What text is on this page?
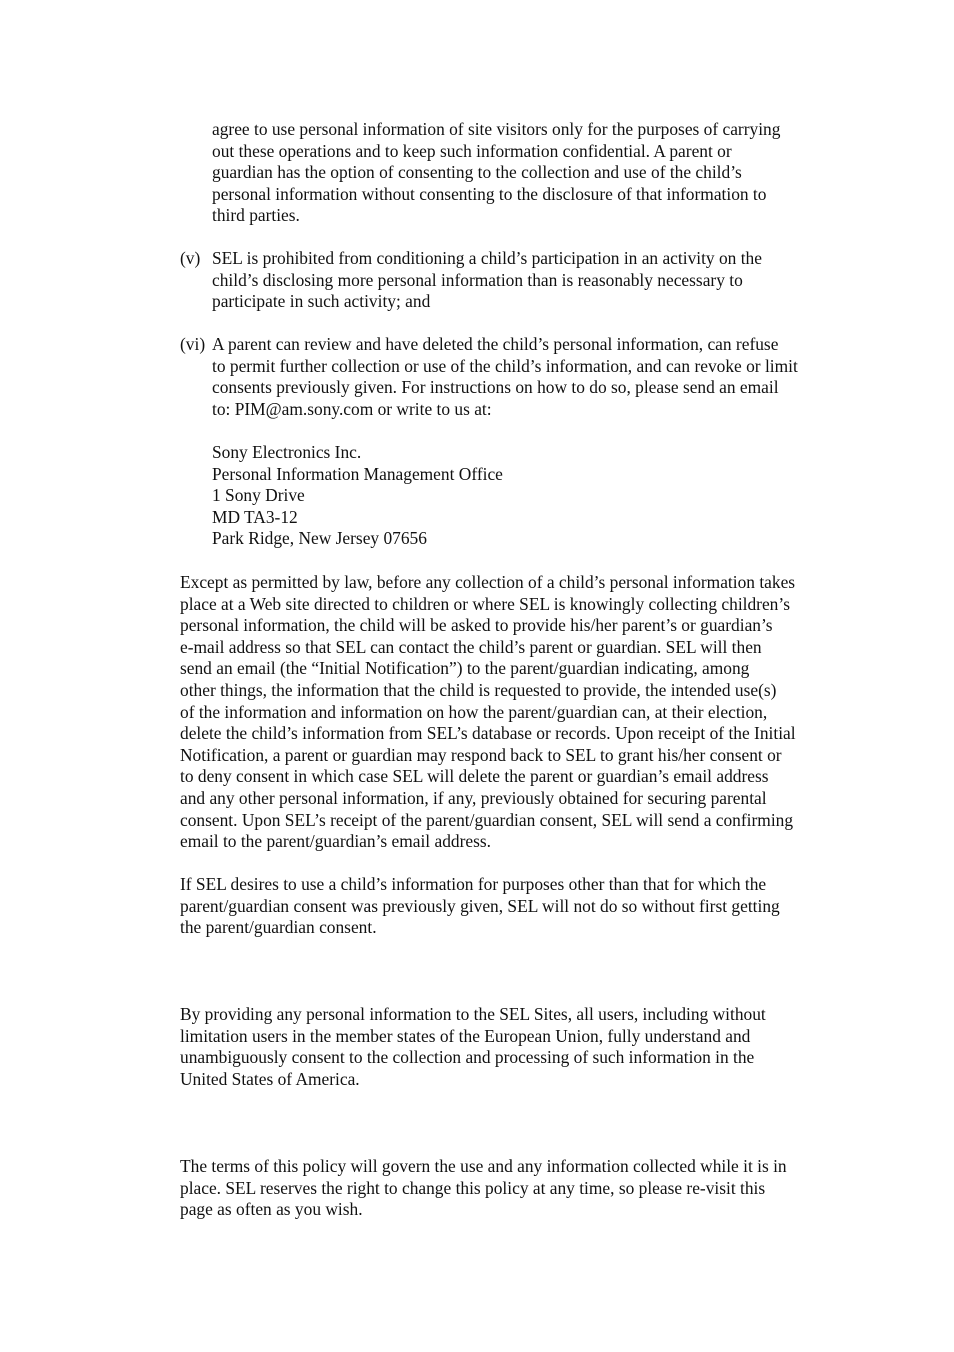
agree to use personal information of site visitors only for the purposes of carrying
out these operations and to keep such information confidential. A parent or
guardian has the option of consenting to the collection and use of the child’s
personal information without consenting to the disclosure of that information to
third parties.
(v) SEL is prohibited from conditioning a child’s participation in an activity on the
child’s disclosing more personal information than is reasonably necessary to
participate in such activity; and
(vi) A parent can review and have deleted the child’s personal information, can refuse
to permit further collection or use of the child’s information, and can revoke or limit
consents previously given. For instructions on how to do so, please send an email
to: PIM@am.sony.com or write to us at:
Sony Electronics Inc.
Personal Information Management Office
1 Sony Drive
MD TA3-12
Park Ridge, New Jersey 07656
Except as permitted by law, before any collection of a child’s personal information takes
place at a Web site directed to children or where SEL is knowingly collecting children’s
personal information, the child will be asked to provide his/her parent’s or guardian’s
e-mail address so that SEL can contact the child’s parent or guardian. SEL will then
send an email (the “Initial Notification”) to the parent/guardian indicating, among
other things, the information that the child is requested to provide, the intended use(s)
of the information and information on how the parent/guardian can, at their election,
delete the child’s information from SEL’s database or records. Upon receipt of the Initial
Notification, a parent or guardian may respond back to SEL to grant his/her consent or
to deny consent in which case SEL will delete the parent or guardian’s email address
and any other personal information, if any, previously obtained for securing parental
consent. Upon SEL’s receipt of the parent/guardian consent, SEL will send a confirming
email to the parent/guardian’s email address.
If SEL desires to use a child’s information for purposes other than that for which the
parent/guardian consent was previously given, SEL will not do so without first getting
the parent/guardian consent.
By providing any personal information to the SEL Sites, all users, including without
limitation users in the member states of the European Union, fully understand and
unambiguously consent to the collection and processing of such information in the
United States of America.
The terms of this policy will govern the use and any information collected while it is in
place. SEL reserves the right to change this policy at any time, so please re-visit this
page as often as you wish.
